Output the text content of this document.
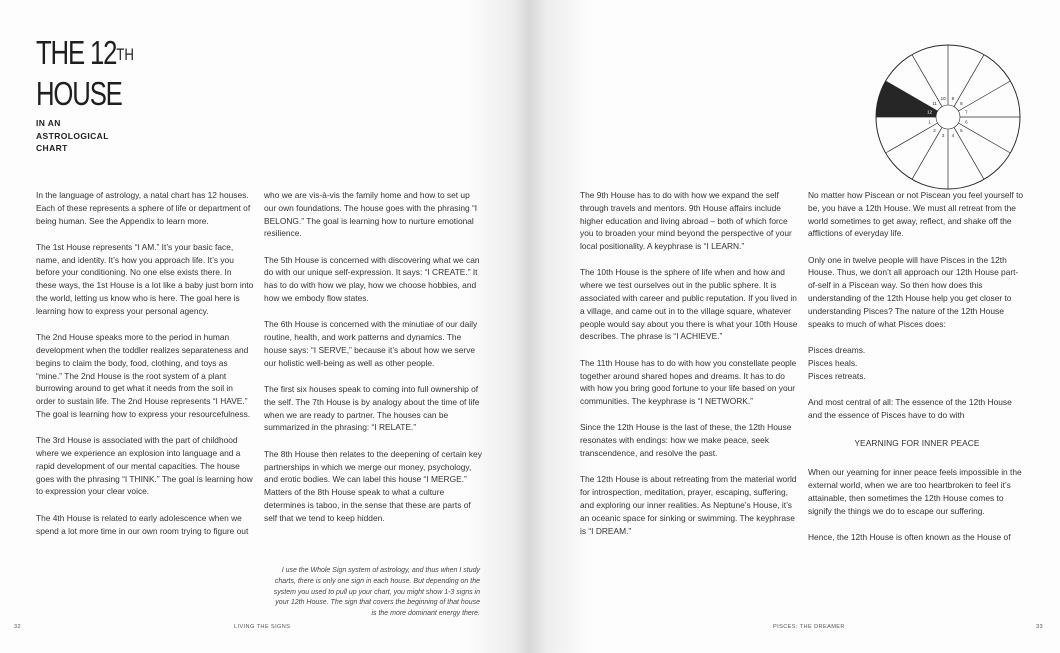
THE 12TH
HOUSE
IN AN
ASTROLOGICAL
CHART

In the language of astrology, a natal chart has 12 houses. Each of these represents a sphere of life or department of being human. See the Appendix to learn more.

The 1st House represents “I AM.” It’s your basic face, name, and identity. It’s how you approach life. It’s you before your conditioning. No one else exists there. In these ways, the 1st House is a lot like a baby just born into the world, letting us know who is here. The goal here is learning how to express your personal agency.

The 2nd House speaks more to the period in human development when the toddler realizes separateness and begins to claim the body, food, clothing, and toys as “mine.” The 2nd House is the root system of a plant burrowing around to get what it needs from the soil in order to sustain life. The 2nd House represents “I HAVE.” The goal is learning how to express your resourcefulness.

The 3rd House is associated with the part of childhood where we experience an explosion into language and a rapid development of our mental capacities. The house goes with the phrasing “I THINK.” The goal is learning how to expression your clear voice.

The 4th House is related to early adolescence when we spend a lot more time in our own room trying to figure out

who we are vis-à-vis the family home and how to set up our own foundations. The house goes with the phrasing “I BELONG.” The goal is learning how to nurture emotional resilience.

The 5th House is concerned with discovering what we can do with our unique self-expression. It says: “I CREATE.” It has to do with how we play, how we choose hobbies, and how we embody flow states.

The 6th House is concerned with the minutiae of our daily routine, health, and work patterns and dynamics. The house says: “I SERVE,” because it’s about how we serve our holistic well-being as well as other people.

The first six houses speak to coming into full ownership of the self. The 7th House is by analogy about the time of life when we are ready to partner. The houses can be summarized in the phrasing: “I RELATE.”

The 8th House then relates to the deepening of certain key partnerships in which we merge our money, psychology, and erotic bodies. We can label this house “I MERGE.” Matters of the 8th House speak to what a culture determines is taboo, in the sense that these are parts of self that we tend to keep hidden.

I use the Whole Sign system of astrology, and thus when I study charts, there is only one sign in each house. But depending on the system you used to pull up your chart, you might show 1-3 signs in your 12th House. The sign that covers the beginning of that house is the more dominant energy there.
32	LIVING THE SIGNS
1
2
3 4
5
6
7
8
9
10
11
12

The 9th House has to do with how we expand the self through travels and mentors. 9th House affairs include higher education and living abroad – both of which force you to broaden your mind beyond the perspective of your local positionality. A keyphrase is “I LEARN.”

The 10th House is the sphere of life when and how and where we test ourselves out in the public sphere. It is associated with career and public reputation. If you lived in a village, and came out in to the village square, whatever people would say about you there is what your 10th House describes. The phrase is “I ACHIEVE.”

The 11th House has to do with how you constellate people together around shared hopes and dreams. It has to do with how you bring good fortune to your life based on your communities. The keyphrase is “I NETWORK.”

Since the 12th House is the last of these, the 12th House resonates with endings: how we make peace, seek transcendence, and resolve the past.

The 12th House is about retreating from the material world for introspection, meditation, prayer, escaping, suffering, and exploring our inner realities. As Neptune’s House, it’s an oceanic space for sinking or swimming. The keyphrase is “I DREAM.”

No matter how Piscean or not Piscean you feel yourself to be, you have a 12th House. We must all retreat from the world sometimes to get away, reflect, and shake off the afflictions of everyday life.

Only one in twelve people will have Pisces in the 12th House. Thus, we don’t all approach our 12th House part-of-self in a Piscean way. So then how does this understanding of the 12th House help you get closer to understanding Pisces? The nature of the 12th House speaks to much of what Pisces does:

Pisces dreams.
Pisces heals.
Pisces retreats.

And most central of all: The essence of the 12th House and the essence of Pisces have to do with

YEARNING FOR INNER PEACE

When our yearning for inner peace feels impossible in the external world, when we are too heartbroken to feel it’s attainable, then sometimes the 12th House comes to signify the things we do to escape our suffering.

Hence, the 12th House is often known as the House of

PISCES: THE DREAMER	33
